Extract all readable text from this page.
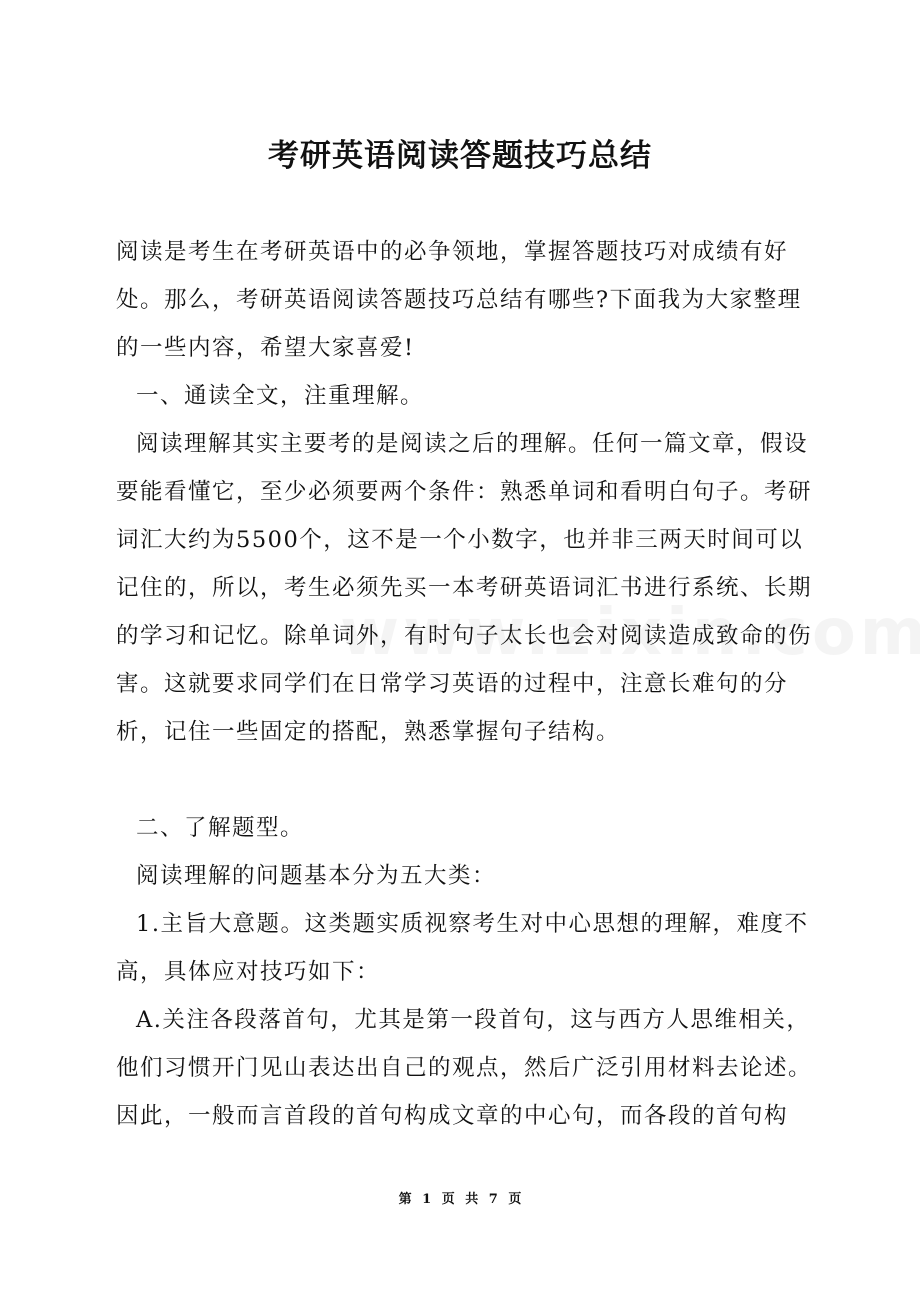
考研英语阅读答题技巧总结

阅读是考生在考研英语中的必争领地，掌握答题技巧对成绩有好处。那么，考研英语阅读答题技巧总结有哪些?下面我为大家整理的一些内容，希望大家喜爱!

一、通读全文，注重理解。

阅读理解其实主要考的是阅读之后的理解。任何一篇文章，假设要能看懂它，至少必须要两个条件：熟悉单词和看明白句子。考研词汇大约为5500个，这不是一个小数字，也并非三两天时间可以记住的，所以，考生必须先买一本考研英语词汇书进行系统、长期的学习和记忆。除单词外，有时句子太长也会对阅读造成致命的伤害。这就要求同学们在日常学习英语的过程中，注意长难句的分析，记住一些固定的搭配，熟悉掌握句子结构。

二、了解题型。

阅读理解的问题基本分为五大类：

1.主旨大意题。这类题实质视察考生对中心思想的理解，难度不高，具体应对技巧如下：

A.关注各段落首句，尤其是第一段首句，这与西方人思维相关，他们习惯开门见山表达出自己的观点，然后广泛引用材料去论述。因此，一般而言首段的首句构成文章的中心句，而各段的首句构

第 1 页 共 7 页
